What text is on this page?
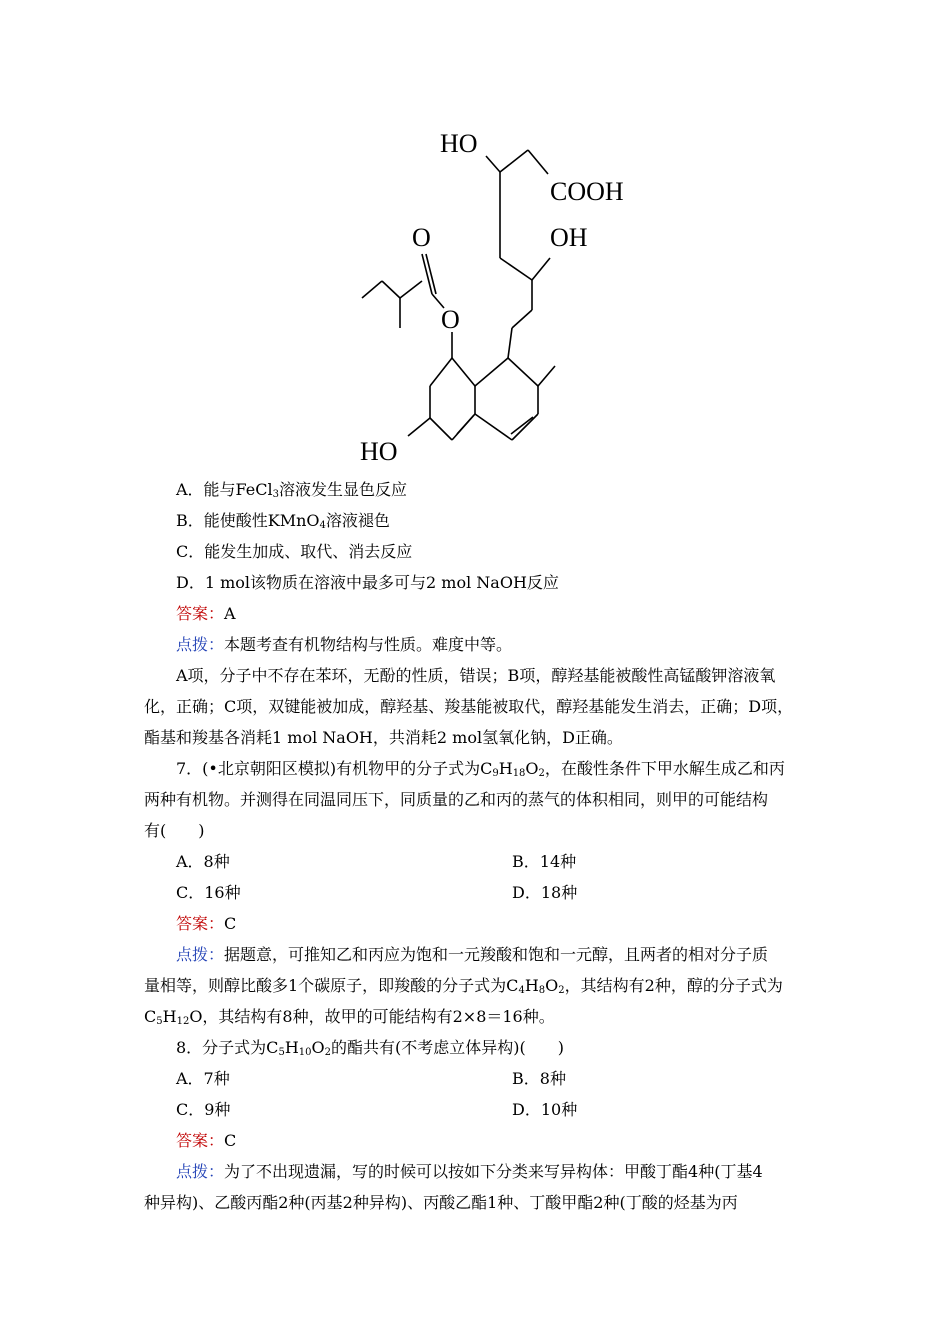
HO
COOH
OH
O
O
HO
A．能与FeCl$_3$溶液发生显色反应
B．能使酸性KMnO$_4$溶液褪色
C．能发生加成、取代、消去反应
D．1 mol该物质在溶液中最多可与2 mol NaOH反应
答案：A
点拨：本题考查有机物结构与性质。难度中等。
A项，分子中不存在苯环，无酚的性质，错误；B项，醇羟基能被酸性高锰酸钾溶液氧
化，正确；C项，双键能被加成，醇羟基、羧基能被取代，醇羟基能发生消去，正确；D项，
酯基和羧基各消耗1 mol NaOH，共消耗2 mol氢氧化钠，D正确。
7．(•北京朝阳区模拟)有机物甲的分子式为$C_9H_{18}O_2$，在酸性条件下甲水解生成乙和丙
两种有机物。并测得在同温同压下，同质量的乙和丙的蒸气的体积相同，则甲的可能结构
有(　　)
A．8种	B．14种
C．16种	D．18种
答案：C
点拨：据题意，可推知乙和丙应为饱和一元羧酸和饱和一元醇，且两者的相对分子质
量相等，则醇比酸多1个碳原子，即羧酸的分子式为$C_4H_8O_2$，其结构有2种，醇的分子式为
$C_5H_{12}O$，其结构有8种，故甲的可能结构有2×8＝16种。
8．分子式为$C_5H_{10}O_2$的酯共有(不考虑立体异构)(　　)
A．7种	B．8种
C．9种	D．10种
答案：C
点拨：为了不出现遗漏，写的时候可以按如下分类来写异构体：甲酸丁酯4种(丁基4
种异构)、乙酸丙酯2种(丙基2种异构)、丙酸乙酯1种、丁酸甲酯2种(丁酸的烃基为丙
